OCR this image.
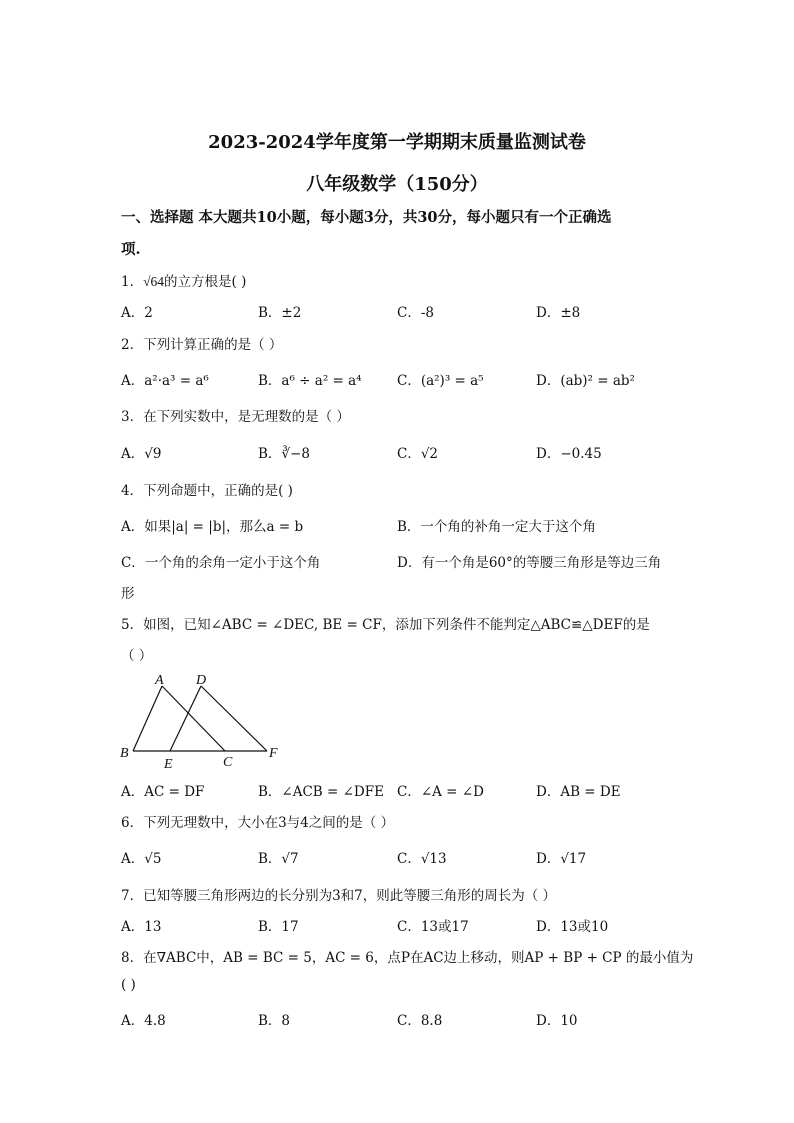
2023-2024学年度第一学期期末质量监测试卷
八年级数学（150分）
一、选择题 本大题共10小题，每小题3分，共30分，每小题只有一个正确选
项.
1．√64的立方根是( )
A．2	B．±2	C．-8	D．±8
2．下列计算正确的是（ ）
A．a²·a³ = a⁶	B．a⁶ ÷ a² = a⁴	C．(a²)³ = a⁵	D．(ab)² = ab²
3．在下列实数中，是无理数的是（ ）
A．√9	B．∛−8	C．√2	D．−0.45
4．下列命题中，正确的是( )
A．如果|a| = |b|，那么a = b	B．一个角的补角一定大于这个角
C．一个角的余角一定小于这个角	D．有一个角是60°的等腰三角形是等边三角
形
5．如图，已知∠ABC = ∠DEC, BE = CF，添加下列条件不能判定△ABC≌△DEF的是
（ ）
A D
B
E	C
F
A．AC = DF	B．∠ACB = ∠DFE C．∠A = ∠D	D．AB = DE
6．下列无理数中，大小在3与4之间的是（ ）
A．√5	B．√7	C．√13	D．√17
7．已知等腰三角形两边的长分别为3和7，则此等腰三角形的周长为（ ）
A．13	B．17	C．13或17	D．13或10
8．在∇ABC中，AB = BC = 5，AC = 6，点P在AC边上移动，则AP + BP + CP 的最小值为
( )
A．4.8	B．8	C．8.8	D．10
